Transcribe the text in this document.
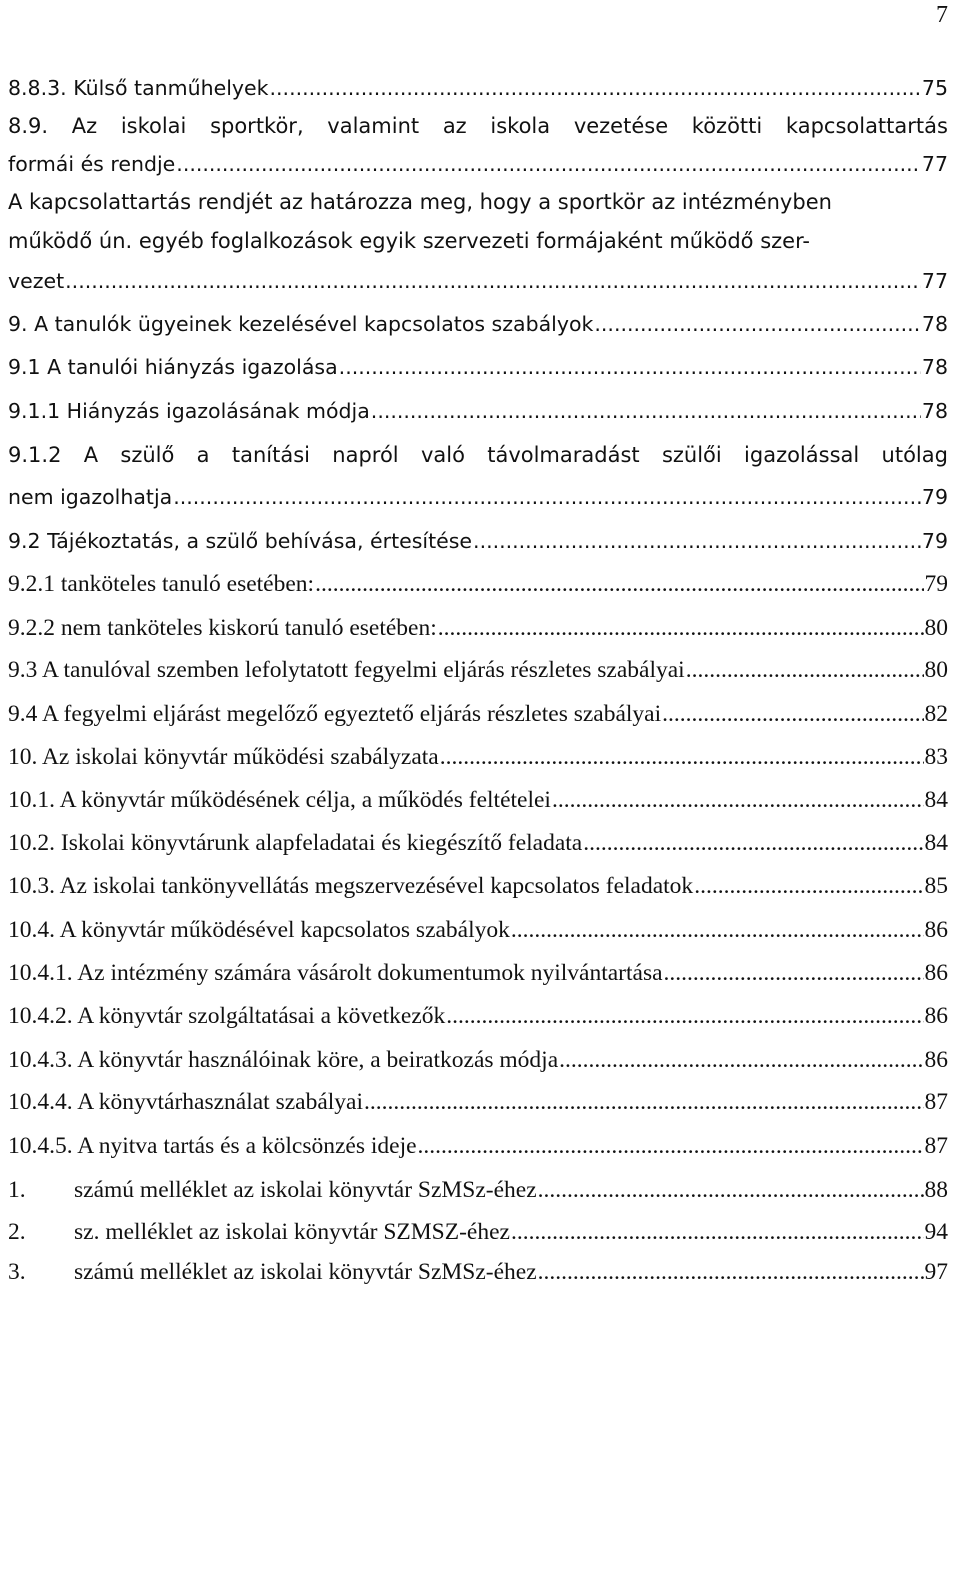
7
8.8.3. Külső tanműhelyek .....	75
8.9. Az iskolai sportkör, valamint az iskola vezetése közötti kapcsolattartás
formái és rendje .....	77
A kapcsolattartás rendjét az határozza meg, hogy a sportkör az intézményben
működő ún. egyéb foglalkozások egyik szervezeti formájaként működő szer-
vezet .....	77
9. A tanulók ügyeinek kezelésével kapcsolatos szabályok .....	78
9.1 A tanulói hiányzás igazolása .....	78
9.1.1 Hiányzás igazolásának módja .....	78
9.1.2 A szülő a tanítási napról való távolmaradást szülői igazolással utólag
nem igazolhatja .....	79
9.2 Tájékoztatás, a szülő behívása, értesítése .....	79
9.2.1 tanköteles tanuló esetében: .....	79
9.2.2 nem tanköteles kiskorú tanuló esetében: .....	80
9.3 A tanulóval szemben lefolytatott fegyelmi eljárás részletes szabályai .....	80
9.4 A fegyelmi eljárást megelőző egyeztető eljárás részletes szabályai .....	82
10. Az iskolai könyvtár működési szabályzata .....	83
10.1. A könyvtár működésének célja, a működés feltételei .....	84
10.2. Iskolai könyvtárunk alapfeladatai és kiegészítő feladata .....	84
10.3. Az iskolai tankönyvellátás megszervezésével kapcsolatos feladatok .....	85
10.4. A könyvtár működésével kapcsolatos szabályok .....	86
10.4.1. Az intézmény számára vásárolt dokumentumok nyilvántartása .....	86
10.4.2. A könyvtár szolgáltatásai a következők .....	86
10.4.3. A könyvtár használóinak köre, a beiratkozás módja .....	86
10.4.4. A könyvtárhasználat szabályai .....	87
10.4.5. A nyitva tartás és a kölcsönzés ideje .....	87
1. számú melléklet az iskolai könyvtár SzMSz-éhez .....	88
2. sz. melléklet az iskolai könyvtár SZMSZ-éhez .....	94
3. számú melléklet az iskolai könyvtár SzMSz-éhez .....	97
